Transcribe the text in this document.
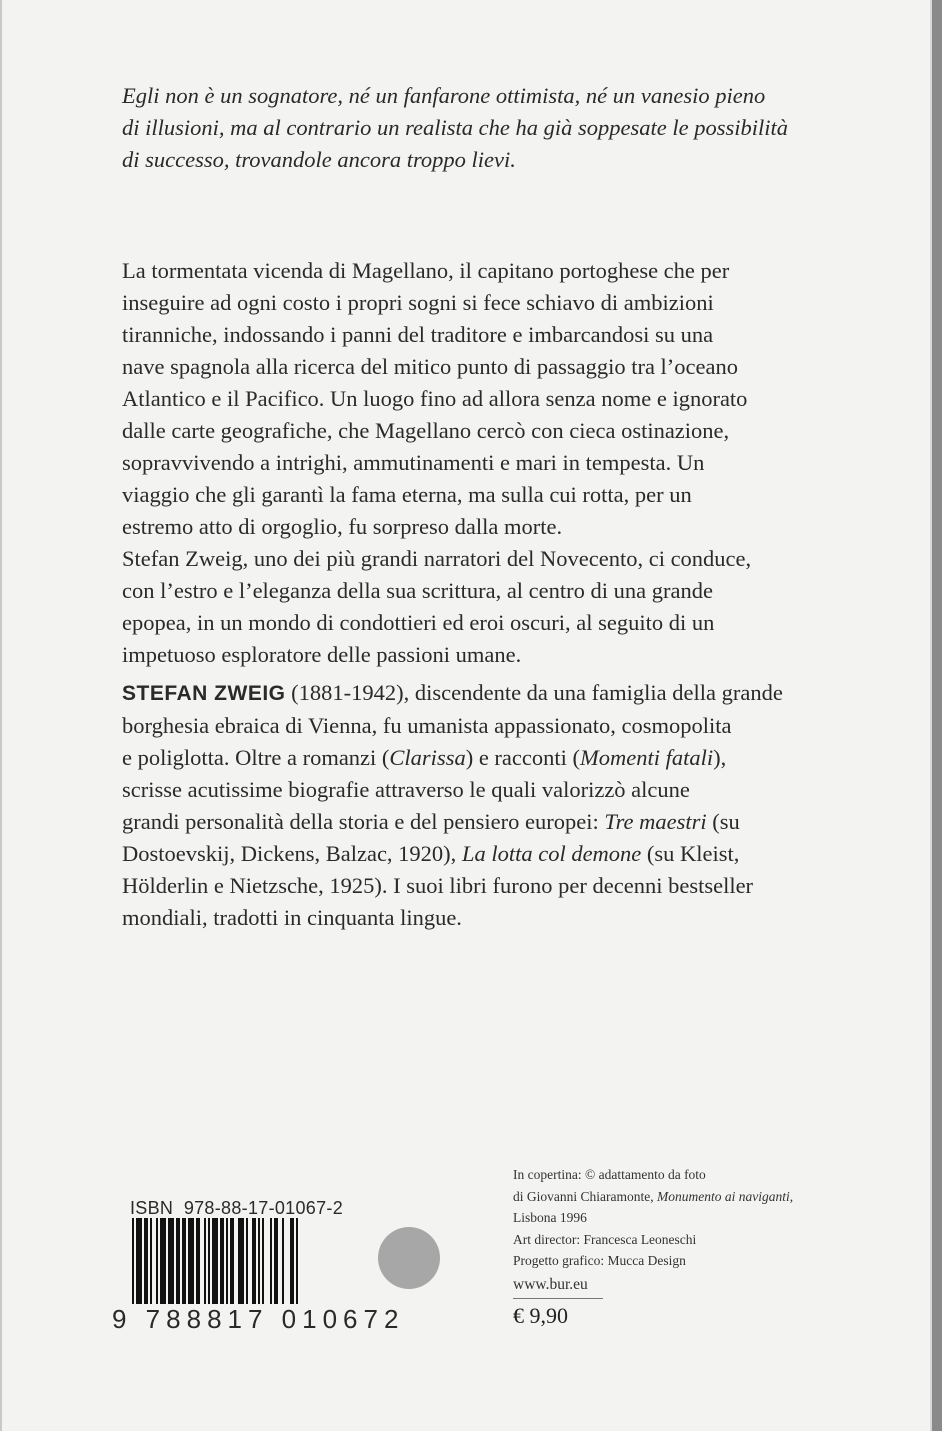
Egli non è un sognatore, né un fanfarone ottimista, né un vanesio pieno
di illusioni, ma al contrario un realista che ha già soppesate le possibilità
di successo, trovandole ancora troppo lievi.
La tormentata vicenda di Magellano, il capitano portoghese che per
inseguire ad ogni costo i propri sogni si fece schiavo di ambizioni
tiranniche, indossando i panni del traditore e imbarcandosi su una
nave spagnola alla ricerca del mitico punto di passaggio tra l’oceano
Atlantico e il Pacifico. Un luogo fino ad allora senza nome e ignorato
dalle carte geografiche, che Magellano cercò con cieca ostinazione,
sopravvivendo a intrighi, ammutinamenti e mari in tempesta. Un
viaggio che gli garantì la fama eterna, ma sulla cui rotta, per un
estremo atto di orgoglio, fu sorpreso dalla morte.
Stefan Zweig, uno dei più grandi narratori del Novecento, ci conduce,
con l’estro e l’eleganza della sua scrittura, al centro di una grande
epopea, in un mondo di condottieri ed eroi oscuri, al seguito di un
impetuoso esploratore delle passioni umane.
STEFAN ZWEIG (1881-1942), discendente da una famiglia della grande
borghesia ebraica di Vienna, fu umanista appassionato, cosmopolita
e poliglotta. Oltre a romanzi (Clarissa) e racconti (Momenti fatali),
scrisse acutissime biografie attraverso le quali valorizzò alcune
grandi personalità della storia e del pensiero europei: Tre maestri (su
Dostoevskij, Dickens, Balzac, 1920), La lotta col demone (su Kleist,
Hölderlin e Nietzsche, 1925). I suoi libri furono per decenni bestseller
mondiali, tradotti in cinquanta lingue.
ISBN  978-88-17-01067-2
9 788817 010672
In copertina: © adattamento da foto
di Giovanni Chiaramonte, Monumento ai naviganti,
Lisbona 1996
Art director: Francesca Leoneschi
Progetto grafico: Mucca Design
www.bur.eu
€ 9,90
